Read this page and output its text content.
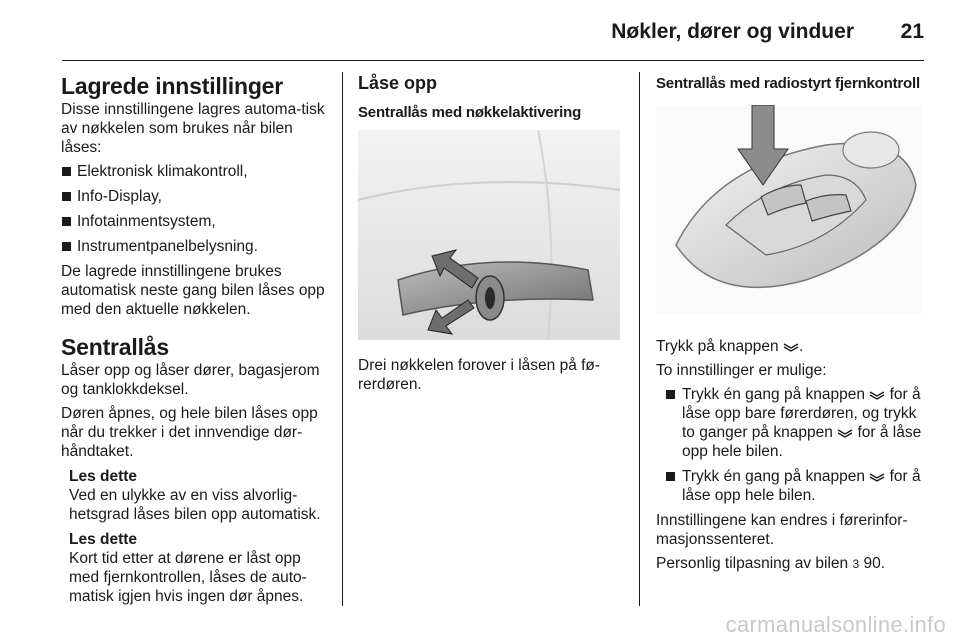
Nøkler, dører og vinduer 21
Lagrede innstillinger

Disse innstillingene lagres automa-tisk av nøkkelen som brukes når bilen låses:

Elektronisk klimakontroll,
Info-Display,
Infotainmentsystem,
Instrumentpanelbelysning.

De lagrede innstillingene brukes automatisk neste gang bilen låses opp med den aktuelle nøkkelen.

Sentrallås

Låser opp og låser dører, bagasjerom og tanklokkdeksel.

Døren åpnes, og hele bilen låses opp når du trekker i det innvendige dør-håndtaket.

Les dette
Ved en ulykke av en viss alvorlig-hetsgrad låses bilen opp automatisk.
Les dette
Kort tid etter at dørene er låst opp med fjernkontrollen, låses de auto-matisk igjen hvis ingen dør åpnes.
Låse opp
Sentrallås med nøkkelaktivering

Drei nøkkelen forover i låsen på fø-rerdøren.

Sentrallås med radiostyrt fjernkontroll

Trykk på knappen .

To innstillinger er mulige:

Trykk én gang på knappen for å låse opp bare førerdøren, og trykk to ganger på knappen for å låse opp hele bilen.
Trykk én gang på knappen for å låse opp hele bilen.

Innstillingene kan endres i førerinfor-masjonssenteret.

Personlig tilpasning av bilen 3 90.

carmanualsonline.info
